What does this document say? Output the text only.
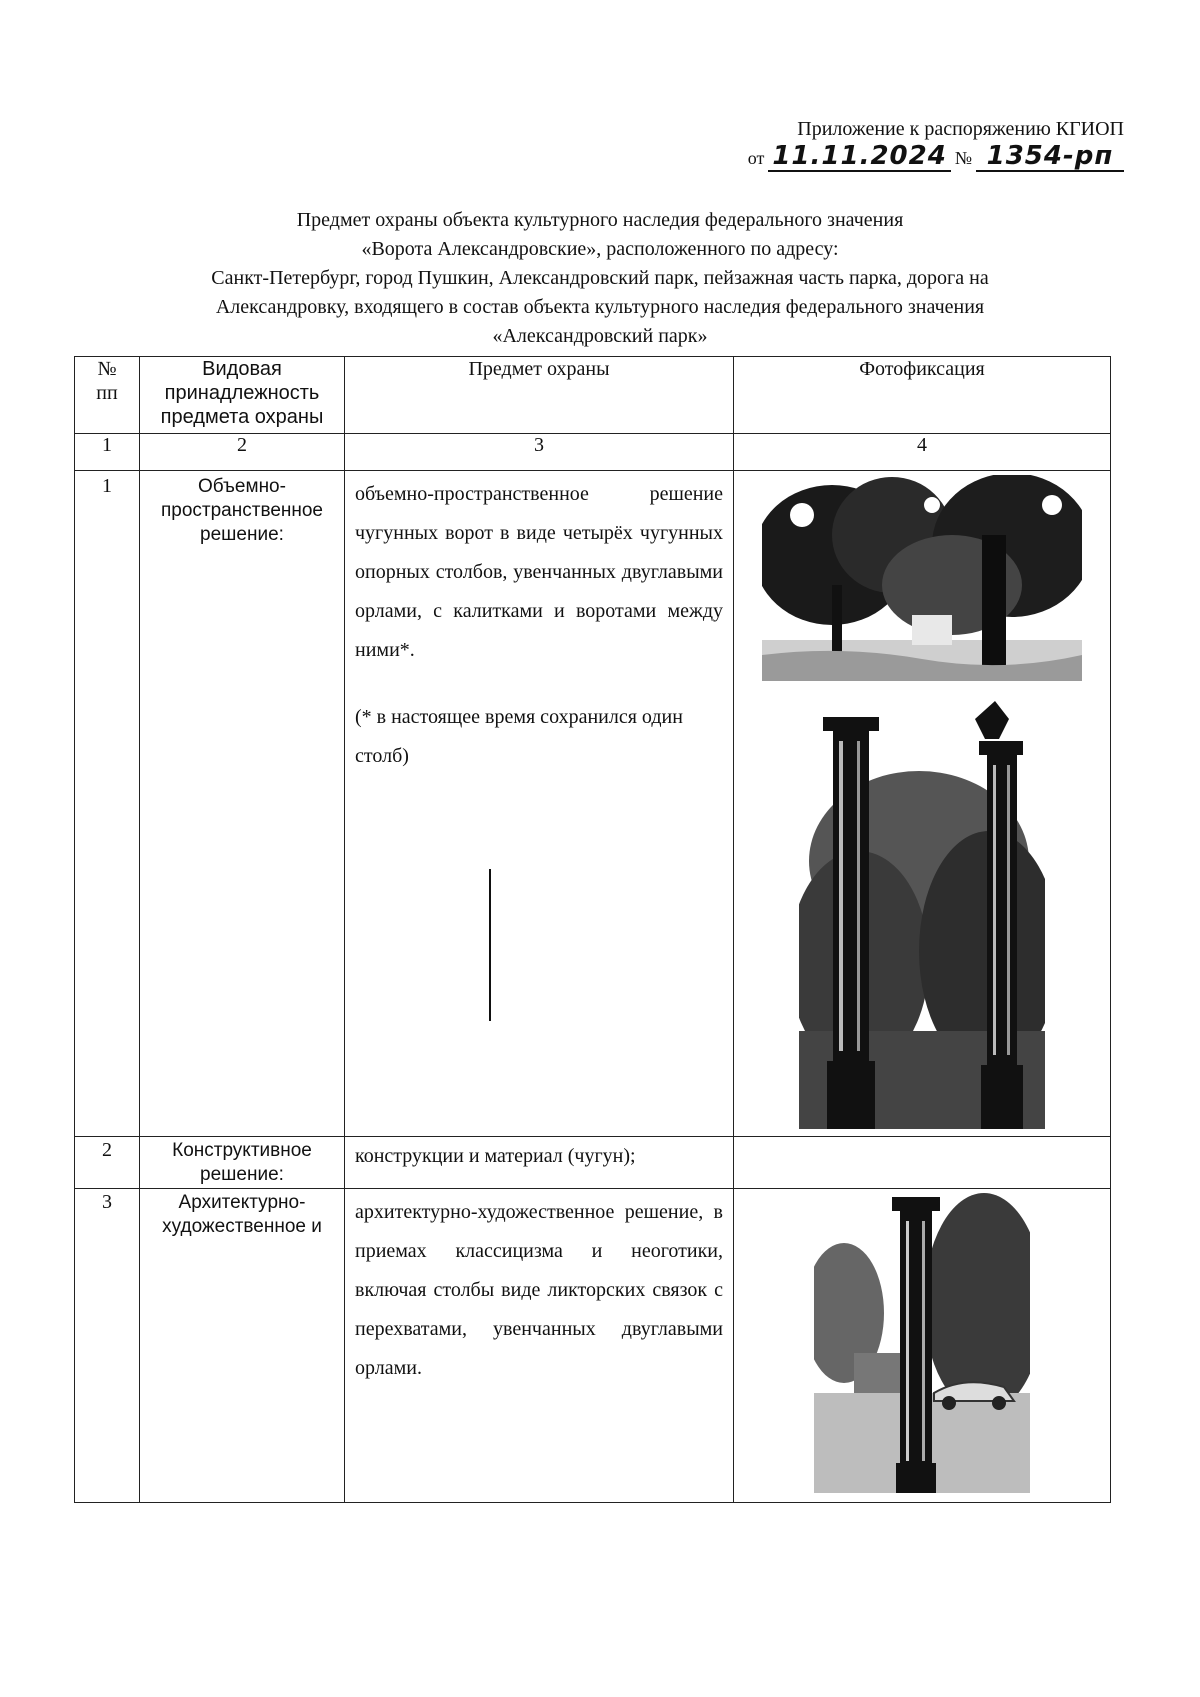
Приложение к распоряжению КГИОП
от 11.11.2024 № 1354-рп
Предмет охраны объекта культурного наследия федерального значения
«Ворота Александровские», расположенного по адресу:
Санкт-Петербург, город Пушкин, Александровский парк, пейзажная часть парка, дорога на
Александровку, входящего в состав объекта культурного наследия федерального значения
«Александровский парк»
№ пп	Видовая принадлежность предмета охраны	Предмет охраны	Фотофиксация
1	2	3	4
1	Объемно-пространственное решение:	объемно-пространственное решение чугунных ворот в виде четырёх чугунных опорных столбов, увенчанных двуглавыми орлами, с калитками и воротами между ними*.
(* в настоящее время сохранился один столб)

2	Конструктивное решение:	конструкции и материал (чугун);	

3	Архитектурно-художественное и	архитектурно-художественное решение, в приемах классицизма и неоготики, включая столбы виде ликторских связок с перехватами, увенчанных двуглавыми орлами.
